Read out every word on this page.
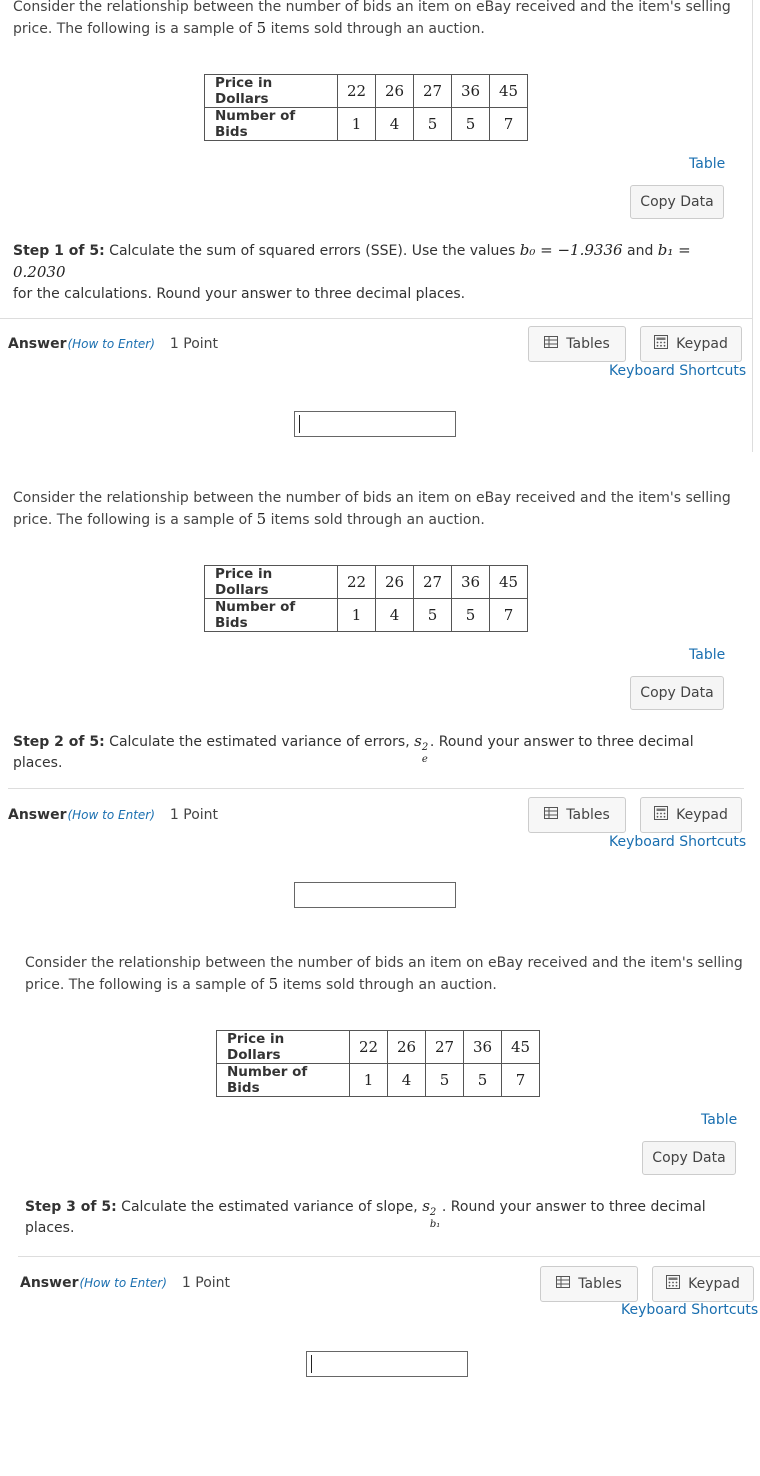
Consider the relationship between the number of bids an item on eBay received and the item's selling price. The following is a sample of 5 items sold through an auction.
Price in Dollars	22	26	27	36	45
Number of Bids	1	4	5	5	7
Table
Copy Data
Step 1 of 5: Calculate the sum of squared errors (SSE). Use the values b₀ = −1.9336 and b₁ = 0.2030
for the calculations. Round your answer to three decimal places.
Answer (How to Enter) 1 Point	Tables	Keypad
Keyboard Shortcuts
Consider the relationship between the number of bids an item on eBay received and the item's selling price. The following is a sample of 5 items sold through an auction.
Price in Dollars	22	26	27	36	45
Number of Bids	1	4	5	5	7
Table
Copy Data
Step 2 of 5: Calculate the estimated variance of errors, s 2
e
. Round your answer to three decimal places.
Answer (How to Enter) 1 Point	Tables	Keypad
Keyboard Shortcuts
Consider the relationship between the number of bids an item on eBay received and the item's selling price. The following is a sample of 5 items sold through an auction.
Price in Dollars	22	26	27	36	45
Number of Bids	1	4	5	5	7
Table
Copy Data
Step 3 of 5: Calculate the estimated variance of slope, s 2
b₁
. Round your answer to three decimal places.
Answer (How to Enter) 1 Point	Tables	Keypad
Keyboard Shortcuts
